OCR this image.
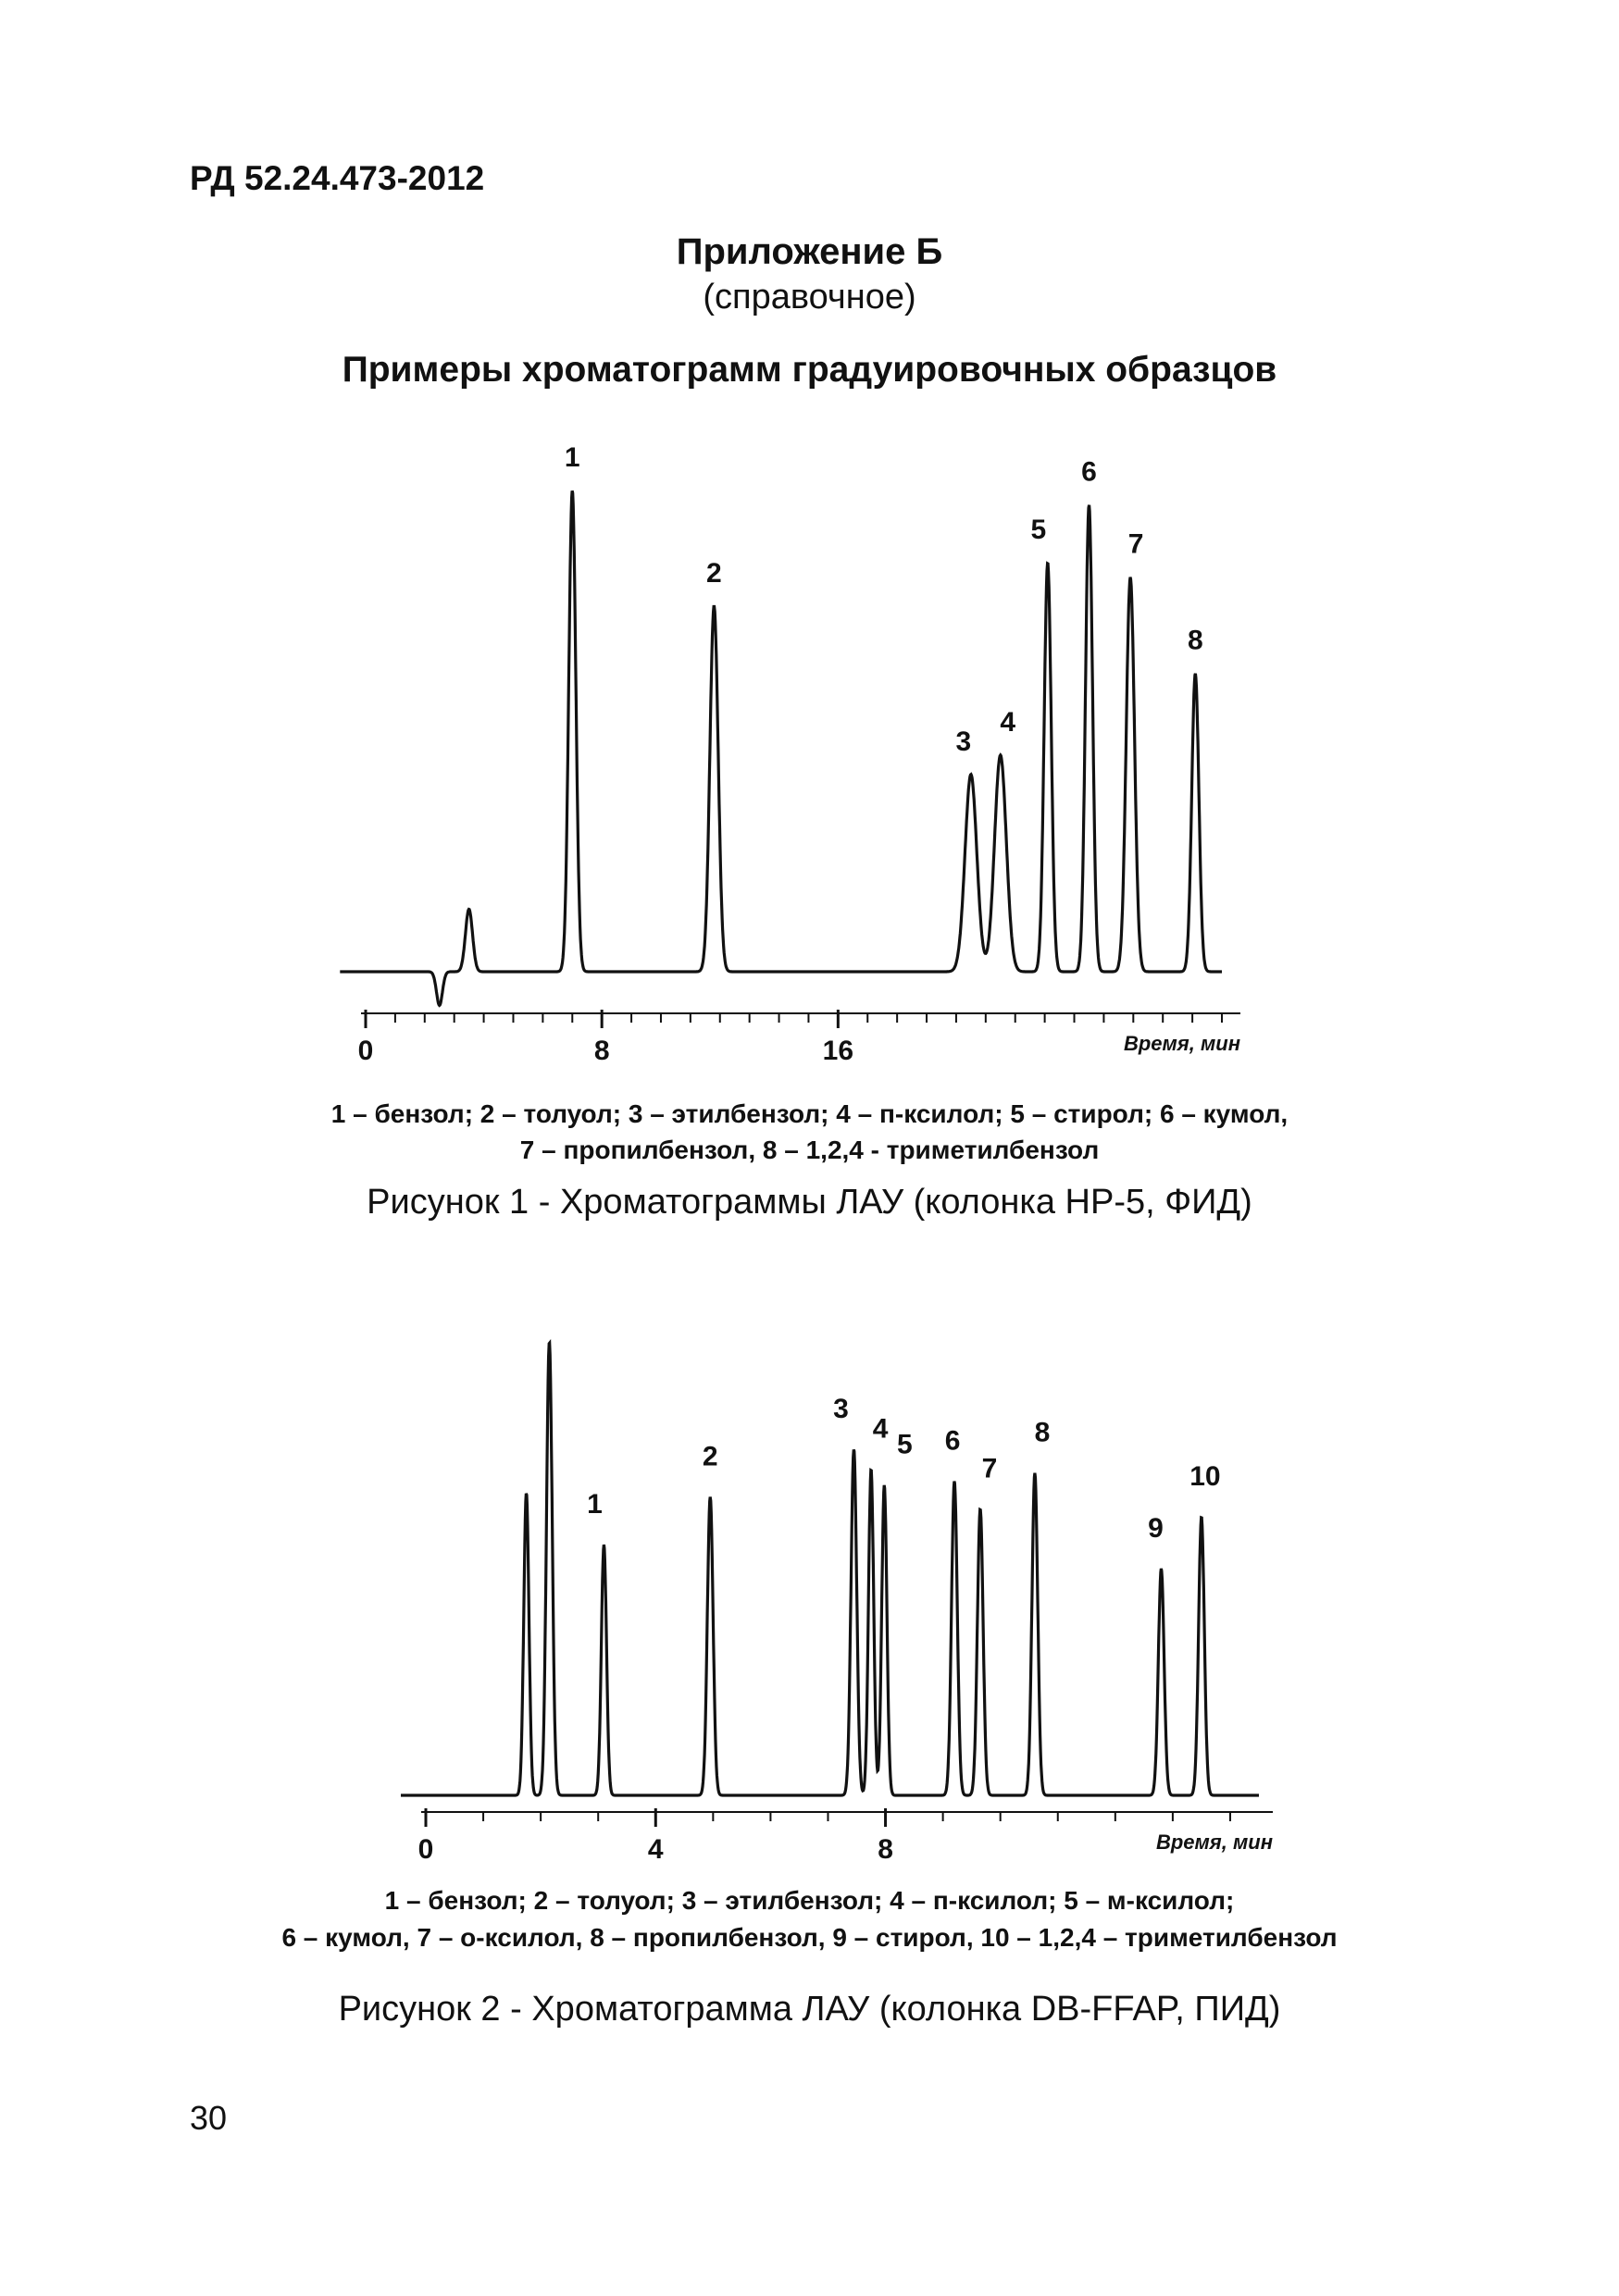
РД 52.24.473-2012
Приложение Б
(справочное)
Примеры хроматограмм градуировочных образцов
1
2
3
4
5
6
7
8
0	8	16	Время, мин
1 – бензол; 2 – толуол; 3 – этилбензол; 4 – п-ксилол; 5 – стирол; 6 – кумол,
7 – пропилбензол, 8 – 1,2,4 - триметилбензол
Рисунок 1 - Хроматограммы ЛАУ (колонка HP-5, ФИД)
1
2
3
4
5 6
7
8
9
10
0	4	8	Время, мин
1 – бензол; 2 – толуол; 3 – этилбензол; 4 – п-ксилол; 5 – м-ксилол;
6 – кумол, 7 – о-ксилол, 8 – пропилбензол, 9 – стирол, 10 – 1,2,4 – триметилбензол
Рисунок 2 - Хроматограмма ЛАУ (колонка DB-FFAP, ПИД)
30
